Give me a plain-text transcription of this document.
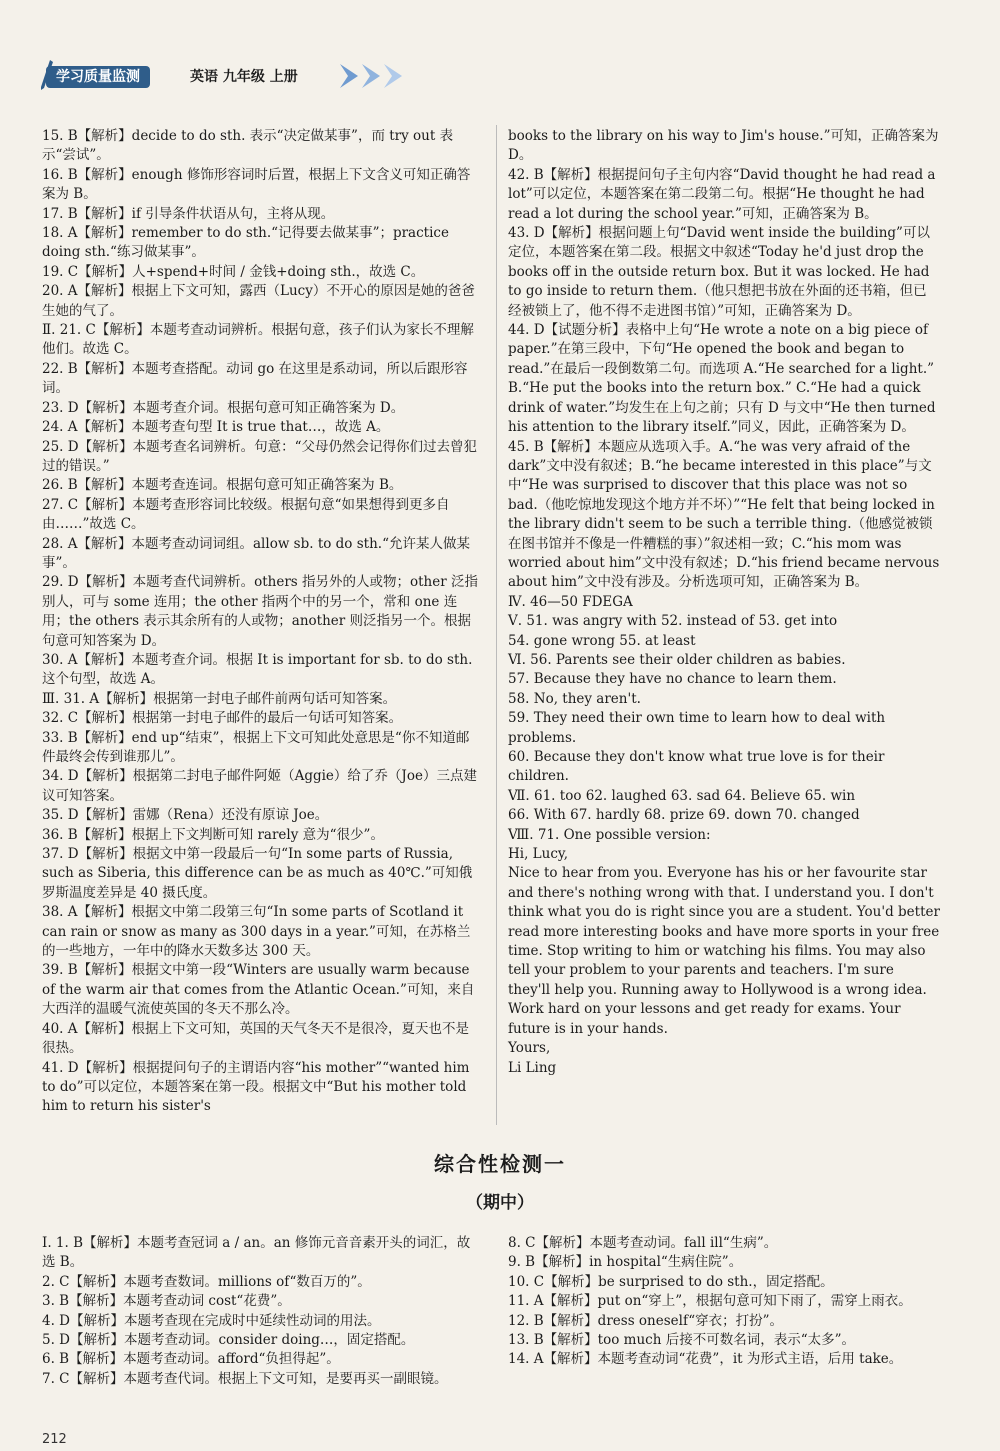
学习质量监测	英语 九年级 上册

15. B【解析】decide to do sth. 表示“决定做某事”，而 try out 表示“尝试”。

16. B【解析】enough 修饰形容词时后置，根据上下文含义可知正确答案为 B。

17. B【解析】if 引导条件状语从句，主将从现。

18. A【解析】remember to do sth.“记得要去做某事”；practice doing sth.“练习做某事”。

19. C【解析】人+spend+时间 / 金钱+doing sth.，故选 C。

20. A【解析】根据上下文可知，露西（Lucy）不开心的原因是她的爸爸生她的气了。

Ⅱ. 21. C【解析】本题考查动词辨析。根据句意，孩子们认为家长不理解他们。故选 C。

22. B【解析】本题考查搭配。动词 go 在这里是系动词，所以后跟形容词。

23. D【解析】本题考查介词。根据句意可知正确答案为 D。

24. A【解析】本题考查句型 It is true that…，故选 A。

25. D【解析】本题考查名词辨析。句意：“父母仍然会记得你们过去曾犯过的错误。”

26. B【解析】本题考查连词。根据句意可知正确答案为 B。

27. C【解析】本题考查形容词比较级。根据句意“如果想得到更多自由……”故选 C。

28. A【解析】本题考查动词词组。allow sb. to do sth.“允许某人做某事”。

29. D【解析】本题考查代词辨析。others 指另外的人或物；other 泛指别人，可与 some 连用；the other 指两个中的另一个，常和 one 连用；the others 表示其余所有的人或物；another 则泛指另一个。根据句意可知答案为 D。

30. A【解析】本题考查介词。根据 It is important for sb. to do sth. 这个句型，故选 A。

Ⅲ. 31. A【解析】根据第一封电子邮件前两句话可知答案。

32. C【解析】根据第一封电子邮件的最后一句话可知答案。

33. B【解析】end up“结束”，根据上下文可知此处意思是“你不知道邮件最终会传到谁那儿”。

34. D【解析】根据第二封电子邮件阿姬（Aggie）给了乔（Joe）三点建议可知答案。

35. D【解析】雷娜（Rena）还没有原谅 Joe。

36. B【解析】根据上下文判断可知 rarely 意为“很少”。

37. D【解析】根据文中第一段最后一句“In some parts of Russia, such as Siberia, this difference can be as much as 40℃.”可知俄罗斯温度差异是 40 摄氏度。

38. A【解析】根据文中第二段第三句“In some parts of Scotland it can rain or snow as many as 300 days in a year.”可知，在苏格兰的一些地方，一年中的降水天数多达 300 天。

39. B【解析】根据文中第一段“Winters are usually warm because of the warm air that comes from the Atlantic Ocean.”可知，来自大西洋的温暖气流使英国的冬天不那么冷。

40. A【解析】根据上下文可知，英国的天气冬天不是很冷，夏天也不是很热。

41. D【解析】根据提问句子的主谓语内容“his mother”“wanted him to do”可以定位，本题答案在第一段。根据文中“But his mother told him to return his sister's

books to the library on his way to Jim's house.”可知，正确答案为 D。

42. B【解析】根据提问句子主句内容“David thought he had read a lot”可以定位，本题答案在第二段第二句。根据“He thought he had read a lot during the school year.”可知，正确答案为 B。

43. D【解析】根据问题上句“David went inside the building”可以定位，本题答案在第二段。根据文中叙述“Today he'd just drop the books off in the outside return box. But it was locked. He had to go inside to return them.（他只想把书放在外面的还书箱，但已经被锁上了，他不得不走进图书馆）”可知，正确答案为 D。

44. D【试题分析】表格中上句“He wrote a note on a big piece of paper.”在第三段中，下句“He opened the book and began to read.”在最后一段倒数第二句。而选项 A.“He searched for a light.” B.“He put the books into the return box.” C.“He had a quick drink of water.”均发生在上句之前；只有 D 与文中“He then turned his attention to the library itself.”同义，因此，正确答案为 D。

45. B【解析】本题应从选项入手。A.“he was very afraid of the dark”文中没有叙述；B.“he became interested in this place”与文中“He was surprised to discover that this place was not so bad.（他吃惊地发现这个地方并不坏）”“He felt that being locked in the library didn't seem to be such a terrible thing.（他感觉被锁在图书馆并不像是一件糟糕的事）”叙述相一致；C.“his mom was worried about him”文中没有叙述；D.“his friend became nervous about him”文中没有涉及。分析选项可知，正确答案为 B。

Ⅳ. 46—50 FDEGA

Ⅴ. 51. was angry with 52. instead of 53. get into

54. gone wrong 55. at least

Ⅵ. 56. Parents see their older children as babies.

57. Because they have no chance to learn them.

58. No, they aren't.

59. They need their own time to learn how to deal with problems.

60. Because they don't know what true love is for their children.

Ⅶ. 61. too 62. laughed 63. sad 64. Believe 65. win

66. With 67. hardly 68. prize 69. down 70. changed

Ⅷ. 71. One possible version:

Hi, Lucy,

Nice to hear from you. Everyone has his or her favourite star and there's nothing wrong with that. I understand you. I don't think what you do is right since you are a student. You'd better read more interesting books and have more sports in your free time. Stop writing to him or watching his films. You may also tell your problem to your parents and teachers. I'm sure they'll help you. Running away to Hollywood is a wrong idea.

Work hard on your lessons and get ready for exams. Your future is in your hands.

Yours,

Li Ling

综合性检测一
（期中）

Ⅰ. 1. B【解析】本题考查冠词 a / an。an 修饰元音音素开头的词汇，故选 B。

2. C【解析】本题考查数词。millions of“数百万的”。

3. B【解析】本题考查动词 cost“花费”。

4. D【解析】本题考查现在完成时中延续性动词的用法。

5. D【解析】本题考查动词。consider doing…，固定搭配。

6. B【解析】本题考查动词。afford“负担得起”。

7. C【解析】本题考查代词。根据上下文可知，是要再买一副眼镜。

8. C【解析】本题考查动词。fall ill“生病”。

9. B【解析】in hospital“生病住院”。

10. C【解析】be surprised to do sth.，固定搭配。

11. A【解析】put on“穿上”，根据句意可知下雨了，需穿上雨衣。

12. B【解析】dress oneself“穿衣；打扮”。

13. B【解析】too much 后接不可数名词，表示“太多”。

14. A【解析】本题考查动词“花费”，it 为形式主语，后用 take。

212
